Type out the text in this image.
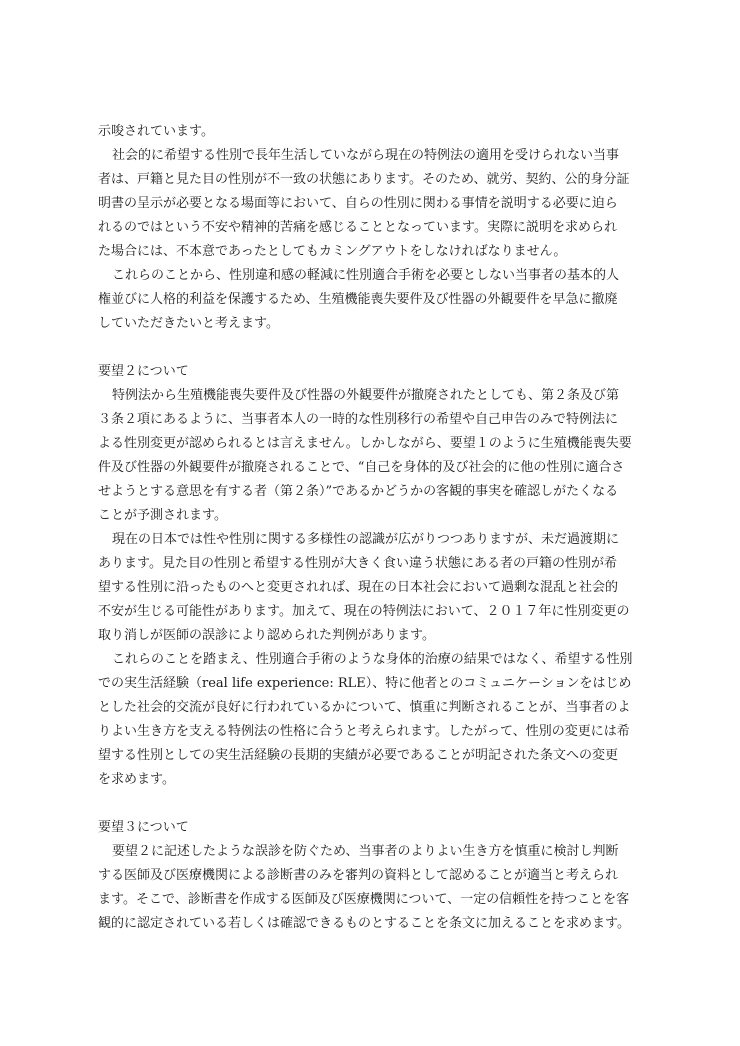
示唆されています。
社会的に希望する性別で長年生活していながら現在の特例法の適用を受けられない当事
者は、戸籍と見た目の性別が不一致の状態にあります。そのため、就労、契約、公的身分証
明書の呈示が必要となる場面等において、自らの性別に関わる事情を説明する必要に迫ら
れるのではという不安や精神的苦痛を感じることとなっています。実際に説明を求められ
た場合には、不本意であったとしてもカミングアウトをしなければなりません。
これらのことから、性別違和感の軽減に性別適合手術を必要としない当事者の基本的人
権並びに人格的利益を保護するため、生殖機能喪失要件及び性器の外観要件を早急に撤廃
していただきたいと考えます。
要望２について
特例法から生殖機能喪失要件及び性器の外観要件が撤廃されたとしても、第２条及び第
３条２項にあるように、当事者本人の一時的な性別移行の希望や自己申告のみで特例法に
よる性別変更が認められるとは言えません。しかしながら、要望１のように生殖機能喪失要
件及び性器の外観要件が撤廃されることで、“自己を身体的及び社会的に他の性別に適合さ
せようとする意思を有する者（第２条）”であるかどうかの客観的事実を確認しがたくなる
ことが予測されます。
現在の日本では性や性別に関する多様性の認識が広がりつつありますが、未だ過渡期に
あります。見た目の性別と希望する性別が大きく食い違う状態にある者の戸籍の性別が希
望する性別に沿ったものへと変更されれば、現在の日本社会において過剰な混乱と社会的
不安が生じる可能性があります。加えて、現在の特例法において、２０１７年に性別変更の
取り消しが医師の誤診により認められた判例があります。
これらのことを踏まえ、性別適合手術のような身体的治療の結果ではなく、希望する性別
での実生活経験（real life experience: RLE）、特に他者とのコミュニケーションをはじめ
とした社会的交流が良好に行われているかについて、慎重に判断されることが、当事者のよ
りよい生き方を支える特例法の性格に合うと考えられます。したがって、性別の変更には希
望する性別としての実生活経験の長期的実績が必要であることが明記された条文への変更
を求めます。
要望３について
要望２に記述したような誤診を防ぐため、当事者のよりよい生き方を慎重に検討し判断
する医師及び医療機関による診断書のみを審判の資料として認めることが適当と考えられ
ます。そこで、診断書を作成する医師及び医療機関について、一定の信頼性を持つことを客
観的に認定されている若しくは確認できるものとすることを条文に加えることを求めます。
